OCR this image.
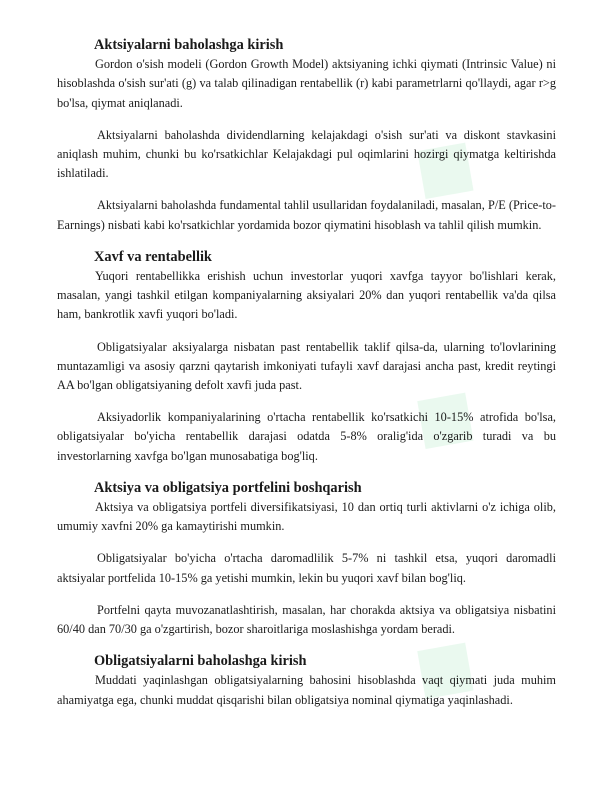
◆
◆
◆
Aktsiyalarni baholashga kirish

Gordon o'sish modeli (Gordon Growth Model) aktsiyaning ichki qiymati (Intrinsic Value) ni hisoblashda o'sish sur'ati (g) va talab qilinadigan rentabellik (r) kabi parametrlarni qo'llaydi, agar r>g bo'lsa, qiymat aniqlanadi.

Aktsiyalarni baholashda dividendlarning kelajakdagi o'sish sur'ati va diskont stavkasini aniqlash muhim, chunki bu ko'rsatkichlar Kelajakdagi pul oqimlarini hozirgi qiymatga keltirishda ishlatiladi.

Aktsiyalarni baholashda fundamental tahlil usullaridan foydalaniladi, masalan, P/E (Price-to-Earnings) nisbati kabi ko'rsatkichlar yordamida bozor qiymatini hisoblash va tahlil qilish mumkin.

Xavf va rentabellik

Yuqori rentabellikka erishish uchun investorlar yuqori xavfga tayyor bo'lishlari kerak, masalan, yangi tashkil etilgan kompaniyalarning aksiyalari 20% dan yuqori rentabellik va'da qilsa ham, bankrotlik xavfi yuqori bo'ladi.

Obligatsiyalar aksiyalarga nisbatan past rentabellik taklif qilsa-da, ularning to'lovlarining muntazamligi va asosiy qarzni qaytarish imkoniyati tufayli xavf darajasi ancha past, kredit reytingi AA bo'lgan obligatsiyaning defolt xavfi juda past.

Aksiyadorlik kompaniyalarining o'rtacha rentabellik ko'rsatkichi 10-15% atrofida bo'lsa, obligatsiyalar bo'yicha rentabellik darajasi odatda 5-8% oralig'ida o'zgarib turadi va bu investorlarning xavfga bo'lgan munosabatiga bog'liq.

Aktsiya va obligatsiya portfelini boshqarish

Aktsiya va obligatsiya portfeli diversifikatsiyasi, 10 dan ortiq turli aktivlarni o'z ichiga olib, umumiy xavfni 20% ga kamaytirishi mumkin.

Obligatsiyalar bo'yicha o'rtacha daromadlilik 5-7% ni tashkil etsa, yuqori daromadli aktsiyalar portfelida 10-15% ga yetishi mumkin, lekin bu yuqori xavf bilan bog'liq.

Portfelni qayta muvozanatlashtirish, masalan, har chorakda aktsiya va obligatsiya nisbatini 60/40 dan 70/30 ga o'zgartirish, bozor sharoitlariga moslashishga yordam beradi.

Obligatsiyalarni baholashga kirish

Muddati yaqinlashgan obligatsiyalarning bahosini hisoblashda vaqt qiymati juda muhim ahamiyatga ega, chunki muddat qisqarishi bilan obligatsiya nominal qiymatiga yaqinlashadi.
